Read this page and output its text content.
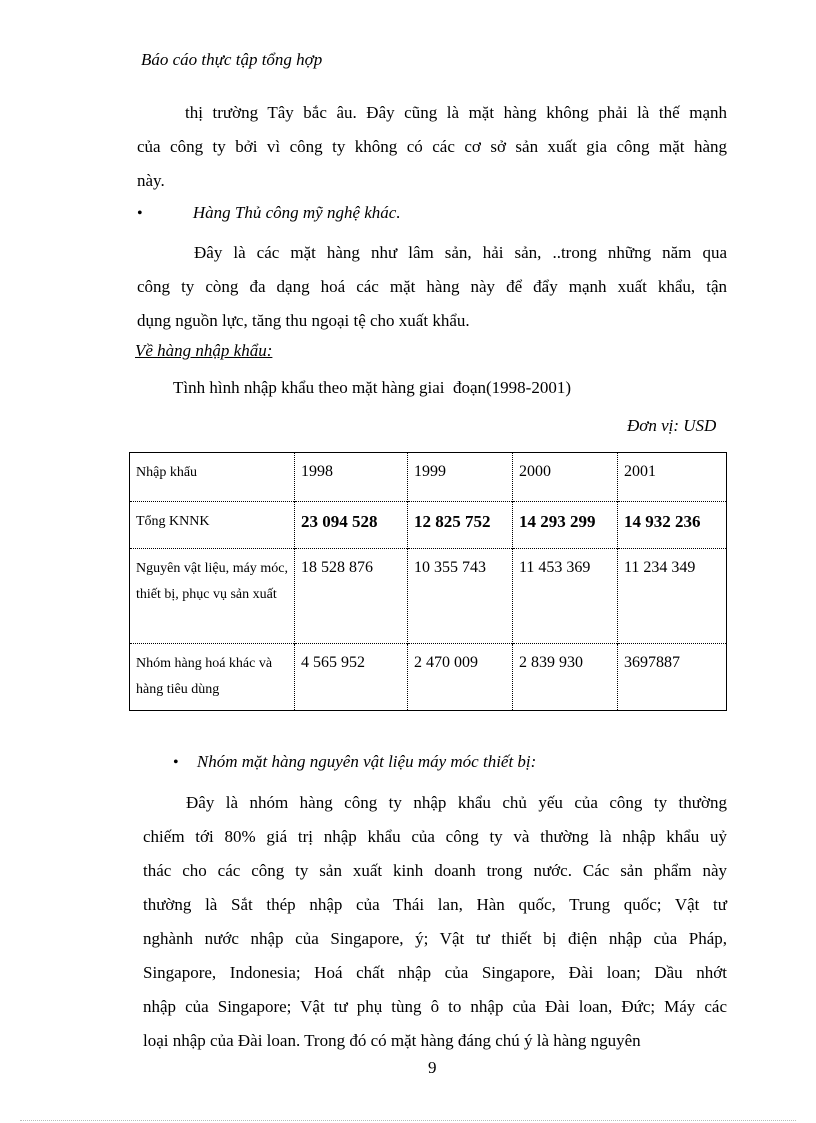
Báo cáo thực tập tổng hợp
thị trường Tây bắc âu. Đây cũng là mặt hàng không phải là thế mạnh
của công ty bởi vì công ty không có các cơ sở sản xuất gia công mặt hàng
này.
•	Hàng Thủ công mỹ nghệ khác.
Đây là các mặt hàng như lâm sản, hải sản, ..trong những năm qua
công ty còng đa dạng hoá các mặt hàng này để đẩy mạnh xuất khẩu, tận
dụng nguồn lực, tăng thu ngoại tệ cho xuất khẩu.
Về hàng nhập khẩu:
Tình hình nhập khẩu theo mặt hàng giai  đoạn(1998-2001)
Đơn vị: USD
Nhập khẩu	1998	1999	2000	2001
Tổng KNNK	23 094 528	12 825 752	14 293 299	14 932 236
Nguyên vật liệu, máy móc, thiết bị, phục vụ sản xuất	18 528 876	10 355 743	11 453 369	11 234 349
Nhóm hàng hoá khác và hàng tiêu dùng	4 565 952	2 470 009	2 839 930	3697887
• Nhóm mặt hàng nguyên vật liệu máy móc thiết bị:
Đây là nhóm hàng công ty nhập khẩu chủ yếu của công ty thường
chiếm tới 80% giá trị nhập khẩu của công ty và thường là nhập khẩu uỷ
thác cho các công ty sản xuất kinh doanh trong nước. Các sản phẩm này
thường là Sắt thép nhập của Thái lan, Hàn quốc, Trung quốc; Vật tư
nghành nước nhập của Singapore, ý; Vật tư thiết bị điện nhập của Pháp,
Singapore, Indonesia; Hoá chất nhập của Singapore, Đài loan; Dầu nhớt
nhập của Singapore; Vật tư phụ tùng ô to nhập của Đài loan, Đức; Máy các
loại nhập của Đài loan. Trong đó có mặt hàng đáng chú ý là hàng nguyên
9
